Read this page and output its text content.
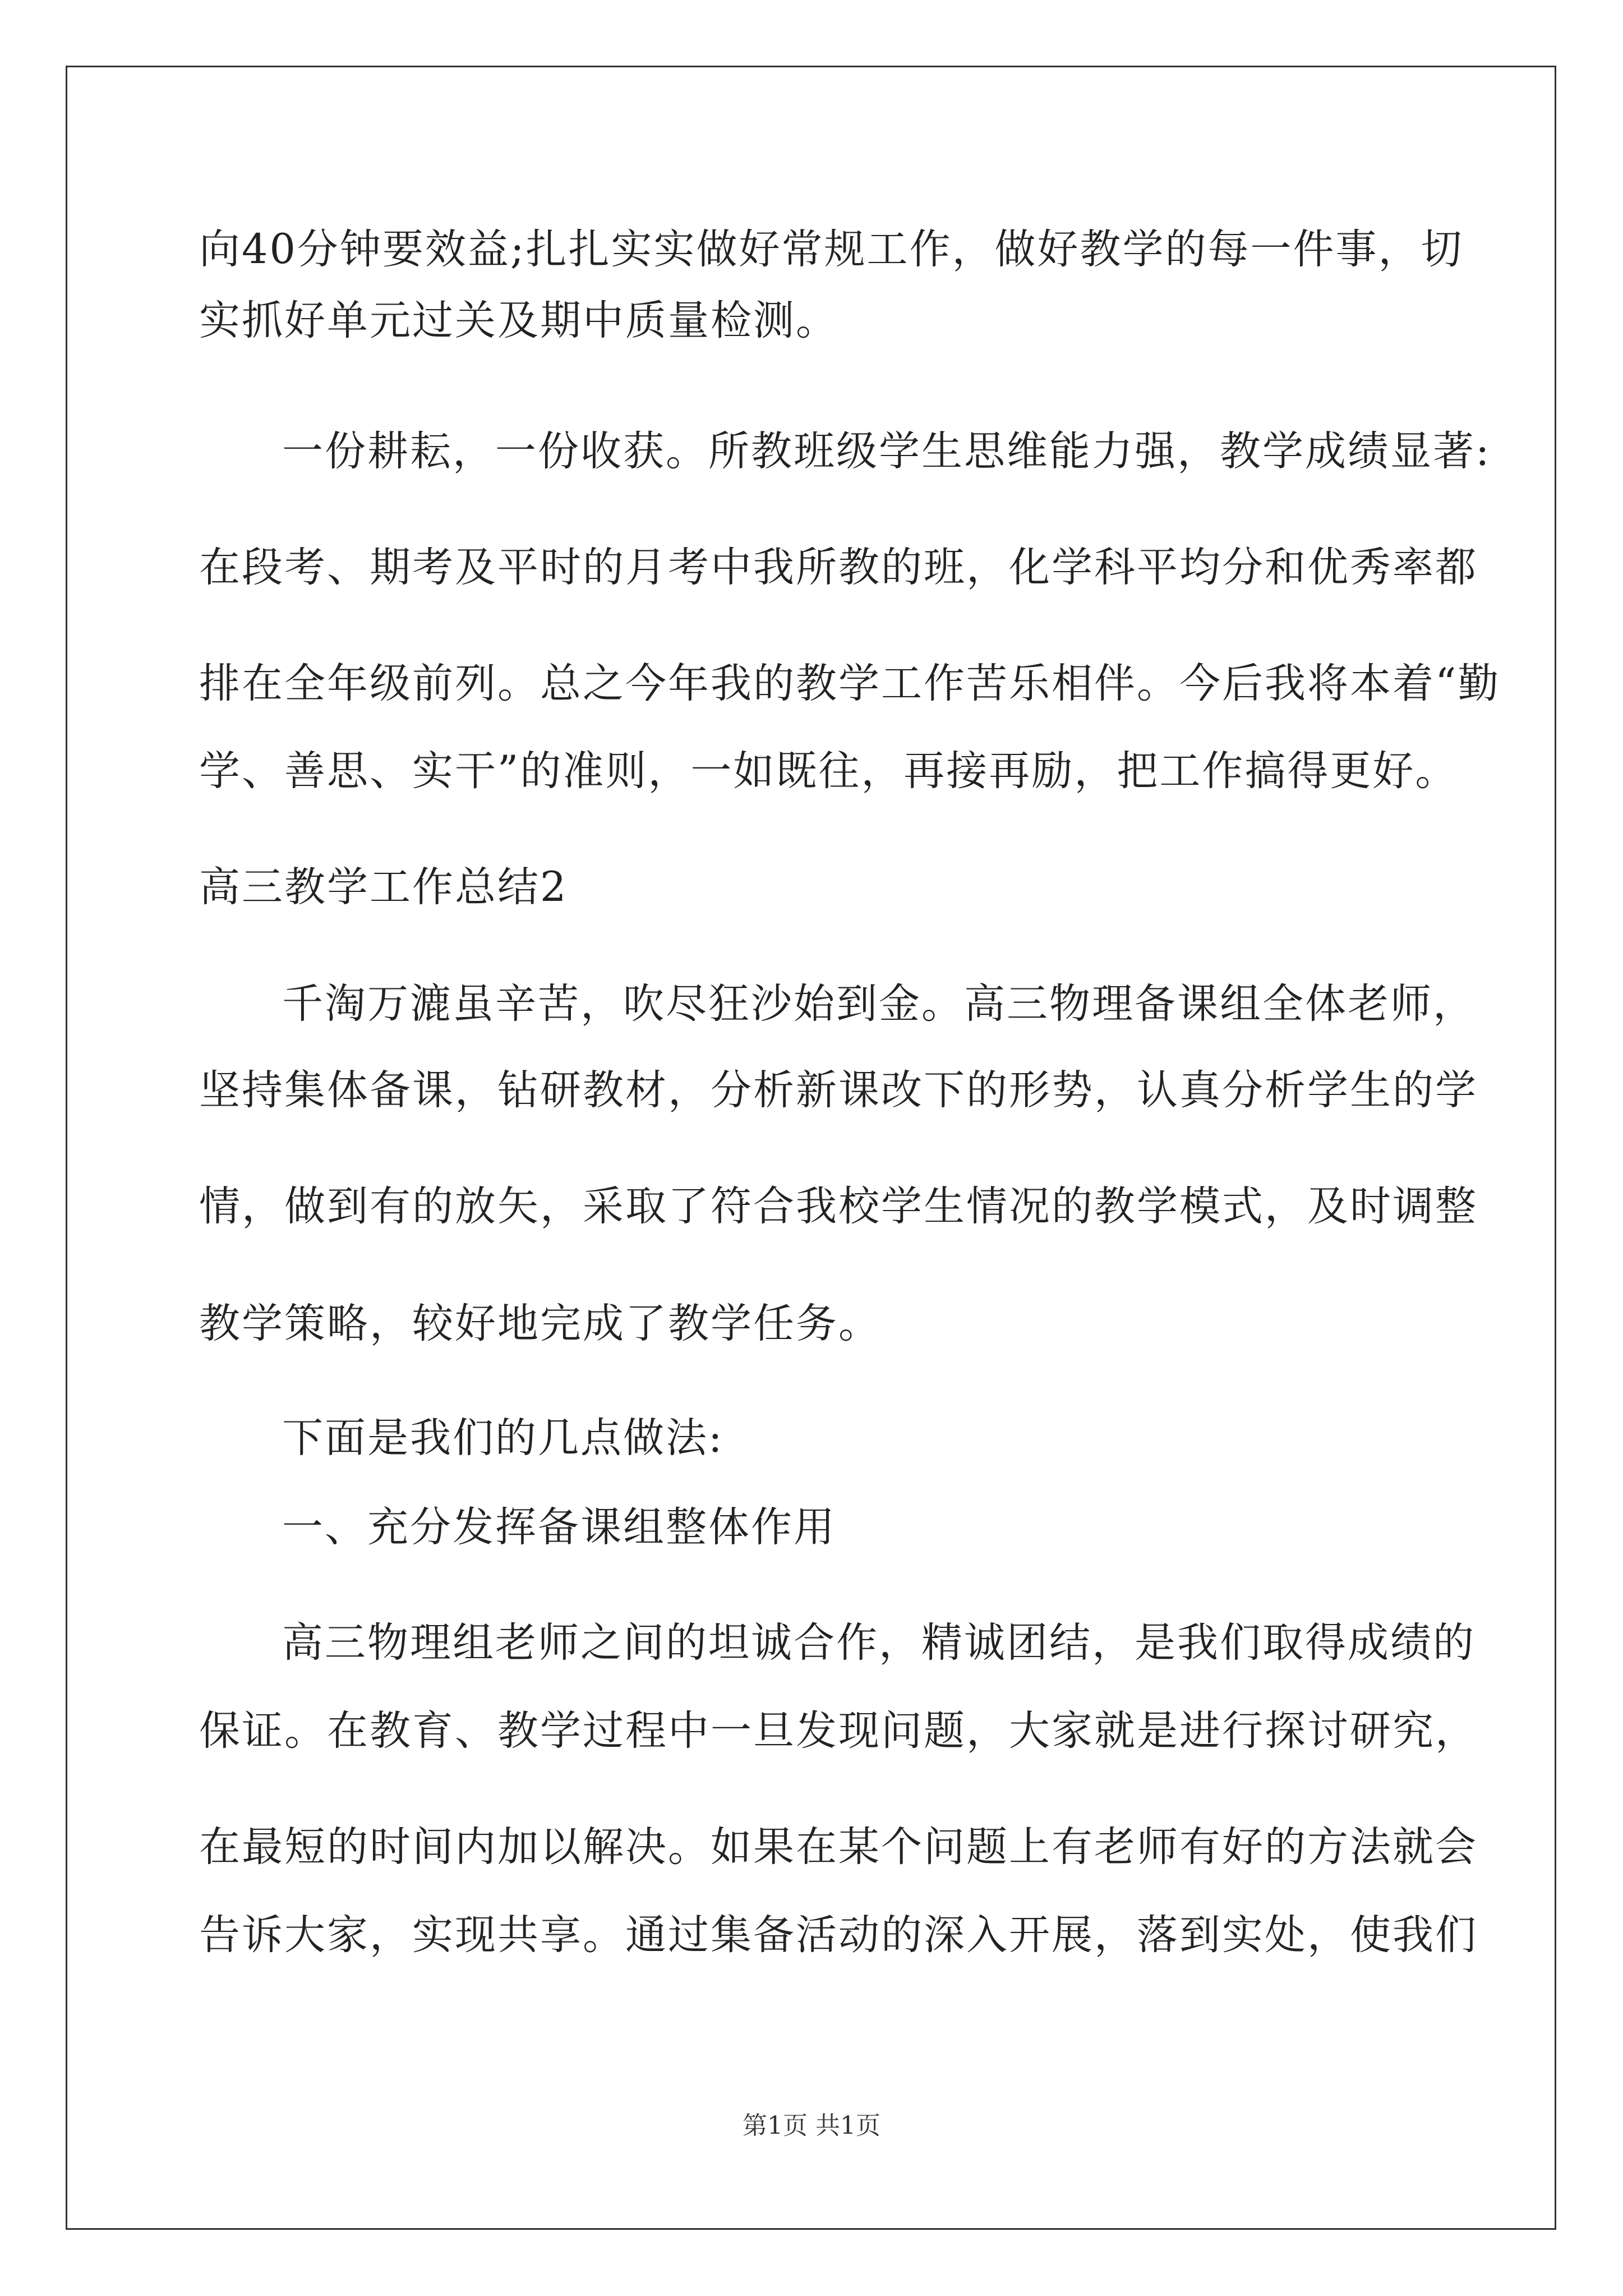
向40分钟要效益;扎扎实实做好常规工作，做好教学的每一件事，切
实抓好单元过关及期中质量检测。
一份耕耘，一份收获。所教班级学生思维能力强，教学成绩显著:
在段考、期考及平时的月考中我所教的班，化学科平均分和优秀率都
排在全年级前列。总之今年我的教学工作苦乐相伴。今后我将本着“勤
学、善思、实干”的准则，一如既往，再接再励，把工作搞得更好。
高三教学工作总结2
千淘万漉虽辛苦，吹尽狂沙始到金。高三物理备课组全体老师，
坚持集体备课，钻研教材，分析新课改下的形势，认真分析学生的学
情，做到有的放矢，采取了符合我校学生情况的教学模式，及时调整
教学策略，较好地完成了教学任务。
下面是我们的几点做法:
一、充分发挥备课组整体作用
高三物理组老师之间的坦诚合作，精诚团结，是我们取得成绩的
保证。在教育、教学过程中一旦发现问题，大家就是进行探讨研究，
在最短的时间内加以解决。如果在某个问题上有老师有好的方法就会
告诉大家，实现共享。通过集备活动的深入开展，落到实处，使我们
第1页 共1页
